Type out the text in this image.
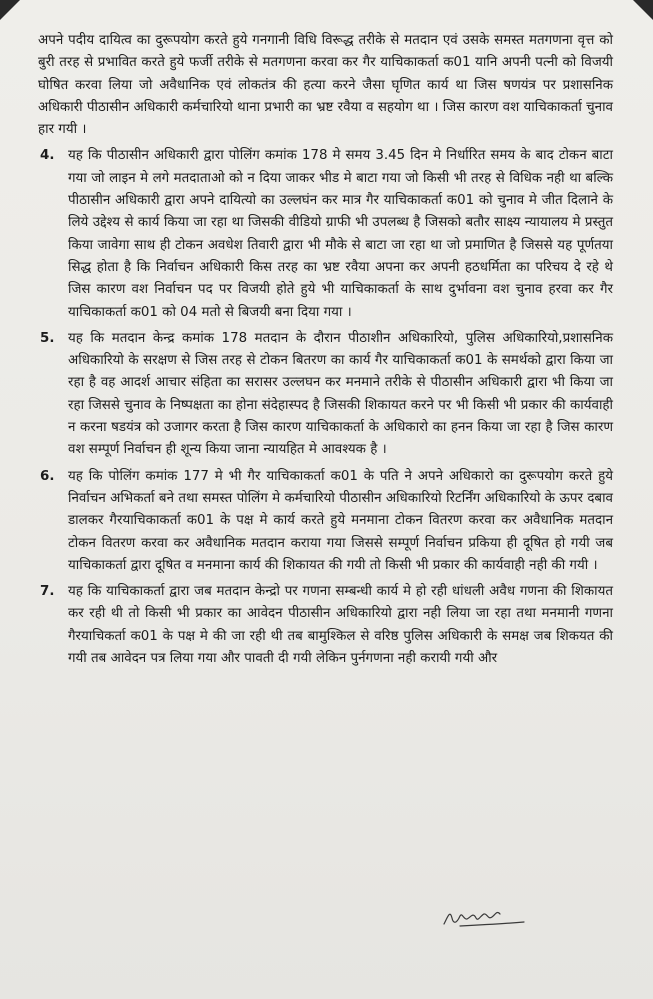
अपने पदीय दायित्व का दुरूपयोग करते हुये गनगानी विधि विरूद्ध तरीके से मतदान एवं उसके समस्त मतगणना वृत्त को बुरी तरह से प्रभावित करते हुये फर्जी तरीके से मतगणना करवा कर गैर याचिकाकर्ता क01 यानि अपनी पत्नी को विजयी घोषित करवा लिया जो अवैधानिक एवं लोकतंत्र की हत्या करने जैसा घृणित कार्य था जिस षणयंत्र पर प्रशासनिक अधिकारी पीठासीन अधिकारी कर्मचारियो थाना प्रभारी का भ्रष्ट रवैया व सहयोग था । जिस कारण वश याचिकाकर्ता चुनाव हार गयी ।

4.	यह कि पीठासीन अधिकारी द्वारा पोलिंग कमांक 178 मे समय 3.45 दिन मे निर्धारित समय के बाद टोकन बाटा गया जो लाइन मे लगे मतदाताओ को न दिया जाकर भीड मे बाटा गया जो किसी भी तरह से विधिक नही था बल्कि पीठासीन अधिकारी द्वारा अपने दायित्यो का उल्लघंन कर मात्र गैर याचिकाकर्ता क01 को चुनाव मे जीत दिलाने के लिये उद्देश्य से कार्य किया जा रहा था जिसकी वीडियो ग्राफी भी उपलब्ध है जिसको बतौर साक्ष्य न्यायालय मे प्रस्तुत किया जावेगा साथ ही टोकन अवधेश तिवारी द्वारा भी मौके से बाटा जा रहा था जो प्रमाणित है जिससे यह पूर्णतया सिद्ध होता है कि निर्वाचन अधिकारी किस तरह का भ्रष्ट रवैया अपना कर अपनी हठधर्मिता का परिचय दे रहे थे जिस कारण वश निर्वाचन पद पर विजयी होते हुये भी याचिकाकर्ता के साथ दुर्भावना वश चुनाव हरवा कर गैर याचिकाकर्ता क01 को 04 मतो से बिजयी बना दिया गया ।
5.	यह कि मतदान केन्द्र कमांक 178 मतदान के दौरान पीठाशीन अधिकारियो, पुलिस अधिकारियो,प्रशासनिक अधिकारियो के सरक्षण से जिस तरह से टोकन बितरण का कार्य गैर याचिकाकर्ता क01 के समर्थको द्वारा किया जा रहा है वह आदर्श आचार संहिता का सरासर उल्लघन कर मनमाने तरीके से पीठासीन अधिकारी द्वारा भी किया जा रहा जिससे चुनाव के निष्पक्षता का होना संदेहास्पद है जिसकी शिकायत करने पर भी किसी भी प्रकार की कार्यवाही न करना षडयंत्र को उजागर करता है जिस कारण याचिकाकर्ता के अधिकारो का हनन किया जा रहा है जिस कारण वश सम्पूर्ण निर्वाचन ही शून्य किया जाना न्यायहित मे आवश्यक है ।
6.	यह कि पोलिंग कमांक 177 मे भी गैर याचिकाकर्ता क01 के पति ने अपने अधिकारो का दुरूपयोग करते हुये निर्वाचन अभिकर्ता बने तथा समस्त पोलिंग मे कर्मचारियो पीठासीन अधिकारियो रिटर्निंग अधिकारियो के ऊपर दबाव डालकर गैरयाचिकाकर्ता क01 के पक्ष मे कार्य करते हुये मनमाना टोकन वितरण करवा कर अवैधानिक मतदान टोकन वितरण करवा कर अवैधानिक मतदान कराया गया जिससे सम्पूर्ण निर्वाचन प्रकिया ही दूषित हो गयी जब याचिकाकर्ता द्वारा दूषित व मनमाना कार्य की शिकायत की गयी तो किसी भी प्रकार की कार्यवाही नही की गयी ।
7.	यह कि याचिकाकर्ता द्वारा जब मतदान केन्द्रो पर गणना सम्बन्धी कार्य मे हो रही धांधली अवैध गणना की शिकायत कर रही थी तो किसी भी प्रकार का आवेदन पीठासीन अधिकारियो द्वारा नही लिया जा रहा तथा मनमानी गणना गैरयाचिकर्ता क01 के पक्ष मे की जा रही थी तब बामुश्किल से वरिष्ठ पुलिस अधिकारी के समक्ष जब शिकयत की गयी तब आवेदन पत्र लिया गया और पावती दी गयी लेकिन पुर्नगणना नही करायी गयी और
